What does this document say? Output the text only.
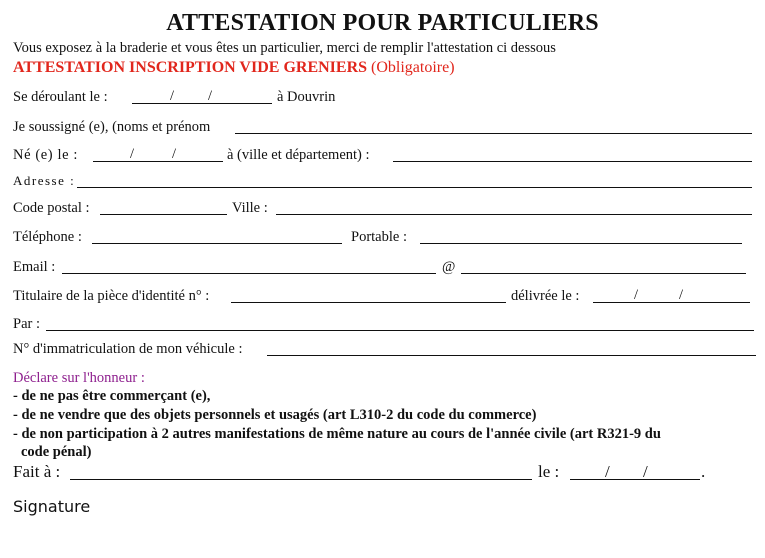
ATTESTATION POUR PARTICULIERS
Vous exposez à la braderie et vous êtes un particulier, merci de remplir l'attestation ci dessous
ATTESTATION INSCRIPTION VIDE GRENIERS (Obligatoire)
Se déroulant le :	/ /	à Douvrin
Je soussigné (e), (noms et prénom
Né (e) le :	/	/	à (ville et département) :
Adresse :
Code postal :	Ville :
Téléphone :	Portable :
Email :	@
Titulaire de la pièce d'identité n° :	délivrée le :	/	/
Par :
N° d'immatriculation de mon véhicule :
Déclare sur l'honneur :
- de ne pas être commerçant (e),
- de ne vendre que des objets personnels et usagés (art L310-2 du code du commerce)
- de non participation à 2 autres manifestations de même nature au cours de l'année civile (art R321-9 du
code pénal)
Fait à :	le :	/ /	.
Signature
